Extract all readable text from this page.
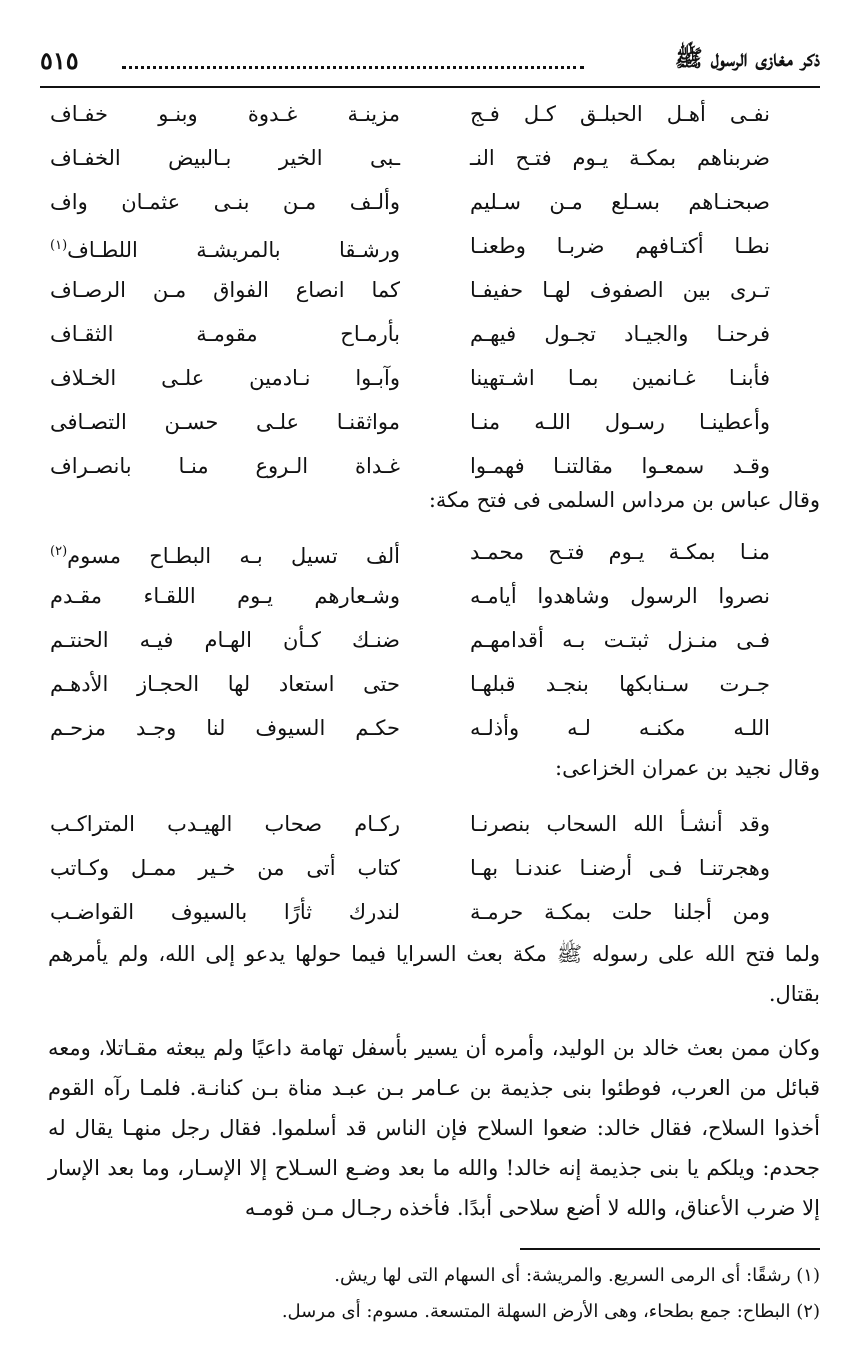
ذكر مغازى الرسول ﷺ
٥١٥
نفـى أهـل الحبلـق كـل فـج
مزينـة غـدوة وبنـو خفـاف
ضربناهم بمكـة يـوم فتـح النـ
ـبى الخير بـالبيض الخفـاف
صبحنـاهم بسـلع مـن سـليم
وألـف مـن بنـى عثمـان واف
نطـا أكتـافهم ضربـا وطعنـا
ورشـقا بالمريشـة اللطـاف$^{(١)}$
تـرى بين الصفوف لهـا حفيفـا
كما انصاع الفواق مـن الرصـاف
فرحنـا والجيـاد تجـول فيهـم
بأرمـاح مقومـة الثقـاف
فأبنـا غـانمين بمـا اشـتهينا
وآبـوا نـادمين علـى الخـلاف
وأعطينـا رسـول اللـه منـا
مواثقنـا علـى حسـن التصـافى
وقـد سمعـوا مقالتنـا فهمـوا
غـداة الـروع منـا بانصـراف
وقال عباس بن مرداس السلمى فى فتح مكة:
منـا بمكـة يـوم فتـح محمـد
ألف تسيل بـه البطـاح مسوم$^{(٢)}$
نصروا الرسول وشاهدوا أيامـه
وشـعارهم يـوم اللقـاء مقـدم
فـى منـزل ثبتـت بـه أقدامهـم
ضنـك كـأن الهـام فيـه الحنتـم
جـرت سـنابكها بنجـد قبلهـا
حتى استعاد لها الحجـاز الأدهـم
اللـه مكنـه لـه وأذلـه
حكـم السيوف لنا وجـد مزحـم
وقال نجيد بن عمران الخزاعى:
وقد أنشـأ الله السحاب بنصرنـا
ركـام صحاب الهيـدب المتراكـب
وهجرتنـا فـى أرضنـا عندنـا بهـا
كتاب أتى من خـير ممـل وكـاتب
ومن أجلنا حلت بمكـة حرمـة
لندرك ثأرًا بالسيوف القواضـب

ولما فتح الله على رسوله ﷺ مكة بعث السرايا فيما حولها يدعو إلى الله، ولم يأمرهم بقتال.

وكان ممن بعث خالد بن الوليد، وأمره أن يسير بأسفل تهامة داعيًا ولم يبعثه مقـاتلا، ومعه قبائل من العرب، فوطئوا بنى جذيمة بن عـامر بـن عبـد مناة بـن كنانـة. فلمـا رآه القوم أخذوا السلاح، فقال خالد: ضعوا السلاح فإن الناس قد أسلموا. فقال رجل منهـا يقال له جحدم: ويلكم يا بنى جذيمة إنه خالد! والله ما بعد وضـع السـلاح إلا الإسـار، وما بعد الإسار إلا ضرب الأعناق، والله لا أضع سلاحى أبدًا. فأخذه رجـال مـن قومـه

(١) رشقًا: أى الرمى السريع. والمريشة: أى السهام التى لها ريش.
(٢) البطاح: جمع بطحاء، وهى الأرض السهلة المتسعة. مسوم: أى مرسل.
